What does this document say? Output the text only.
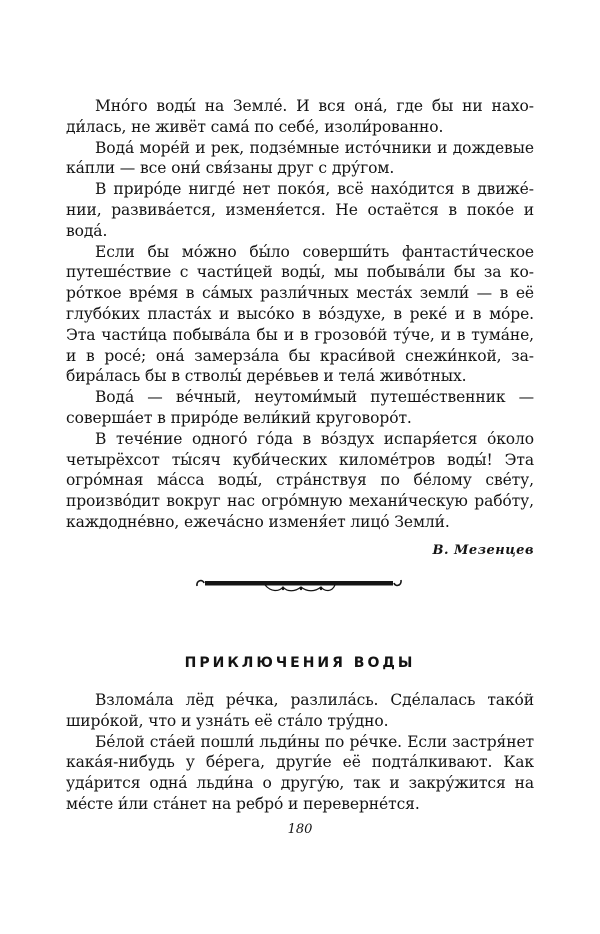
Мно́го воды́ на Земле́. И вся она́, где бы ни находи́лась, не живёт сама́ по себе́, изоли́рованно.

Вода́ море́й и рек, подзе́мные исто́чники и дождевые ка́пли — все они́ свя́заны друг с дру́гом.

В приро́де нигде́ нет поко́я, всё нахо́дится в движе́нии, развива́ется, изменя́ется. Не остаётся в поко́е и вода́.

Если бы мо́жно бы́ло соверши́ть фантасти́ческое путеше́ствие с части́цей воды́, мы побыва́ли бы за коро́ткое вре́мя в са́мых разли́чных места́х земли́ — в её глубо́ких пласта́х и высо́ко в во́здухе, в реке́ и в мо́ре. Эта части́ца побыва́ла бы и в грозово́й ту́че, и в тума́не, и в росе́; она́ замерза́ла бы краси́вой снежи́нкой, забира́лась бы в стволы́ дере́вьев и тела́ живо́тных.

Вода́ — ве́чный, неутоми́мый путеше́ственник — соверша́ет в приро́де вели́кий круговоро́т.

В тече́ние одного́ го́да в во́здух испаря́ется о́коло четырёхсот ты́сяч куби́ческих киломе́тров воды́! Эта огро́мная ма́сса воды́, стра́нствуя по бе́лому све́ту, произво́дит вокруг нас огро́мную механи́ческую рабо́ту, каждодне́вно, ежеча́сно изменя́ет лицо́ Земли́.

В. Мезенцев

ПРИКЛЮЧЕНИЯ ВОДЫ

Взлома́ла лёд ре́чка, разлила́сь. Сде́лалась тако́й широ́кой, что и узна́ть её ста́ло тру́дно.

Бе́лой ста́ей пошли́ льди́ны по ре́чке. Если застря́нет кака́я-нибудь у бе́рега, други́е её подта́лкивают. Как уда́рится одна́ льди́на о другу́ю, так и закру́жится на ме́сте и́ли ста́нет на ребро́ и переверне́тся.

180
